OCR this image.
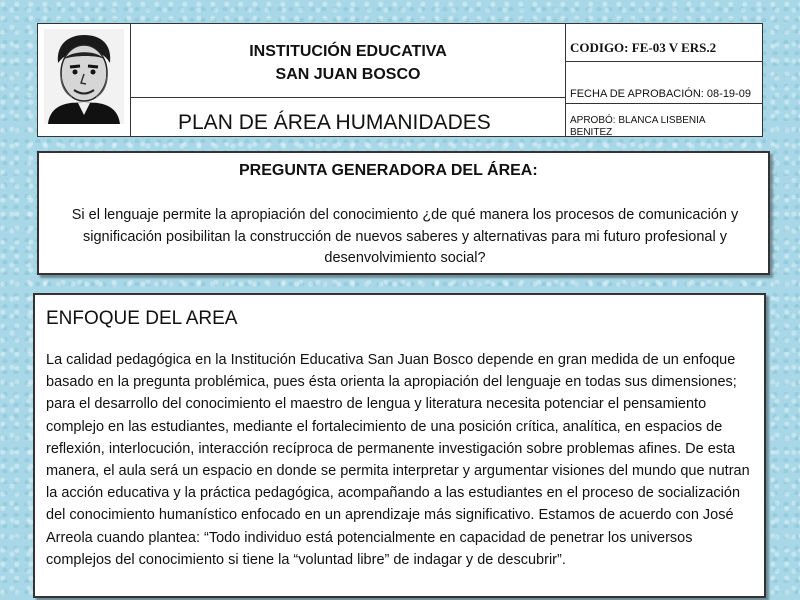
INSTITUCIÓN EDUCATIVA
SAN JUAN BOSCO
PLAN DE ÁREA HUMANIDADES
CODIGO: FE-03 V ERS.2
FECHA DE APROBACIÓN: 08-19-09
APROBÓ: BLANCA LISBENIA BENITEZ
PREGUNTA GENERADORA DEL ÁREA:
Si el lenguaje permite la apropiación del conocimiento ¿de qué manera los procesos de comunicación y significación posibilitan la construcción de nuevos saberes y alternativas para mi futuro profesional y desenvolvimiento social?
ENFOQUE DEL AREA
La calidad pedagógica en la Institución Educativa San Juan Bosco depende en gran medida de un enfoque basado en la pregunta problémica, pues ésta orienta la apropiación del lenguaje en todas sus dimensiones; para el desarrollo del conocimiento el maestro de lengua y literatura necesita potenciar el pensamiento complejo en las estudiantes, mediante el fortalecimiento de una posición crítica, analítica, en espacios de reflexión, interlocución, interacción recíproca de permanente investigación sobre problemas afines. De esta manera, el aula será un espacio en donde se permita interpretar y argumentar visiones del mundo que nutran la acción educativa y la práctica pedagógica, acompañando a las estudiantes en el proceso de socialización del conocimiento humanístico enfocado en un aprendizaje más significativo. Estamos de acuerdo con José Arreola cuando plantea: “Todo individuo está potencialmente en capacidad de penetrar los universos complejos del conocimiento si tiene la “voluntad libre” de indagar y de descubrir”.
